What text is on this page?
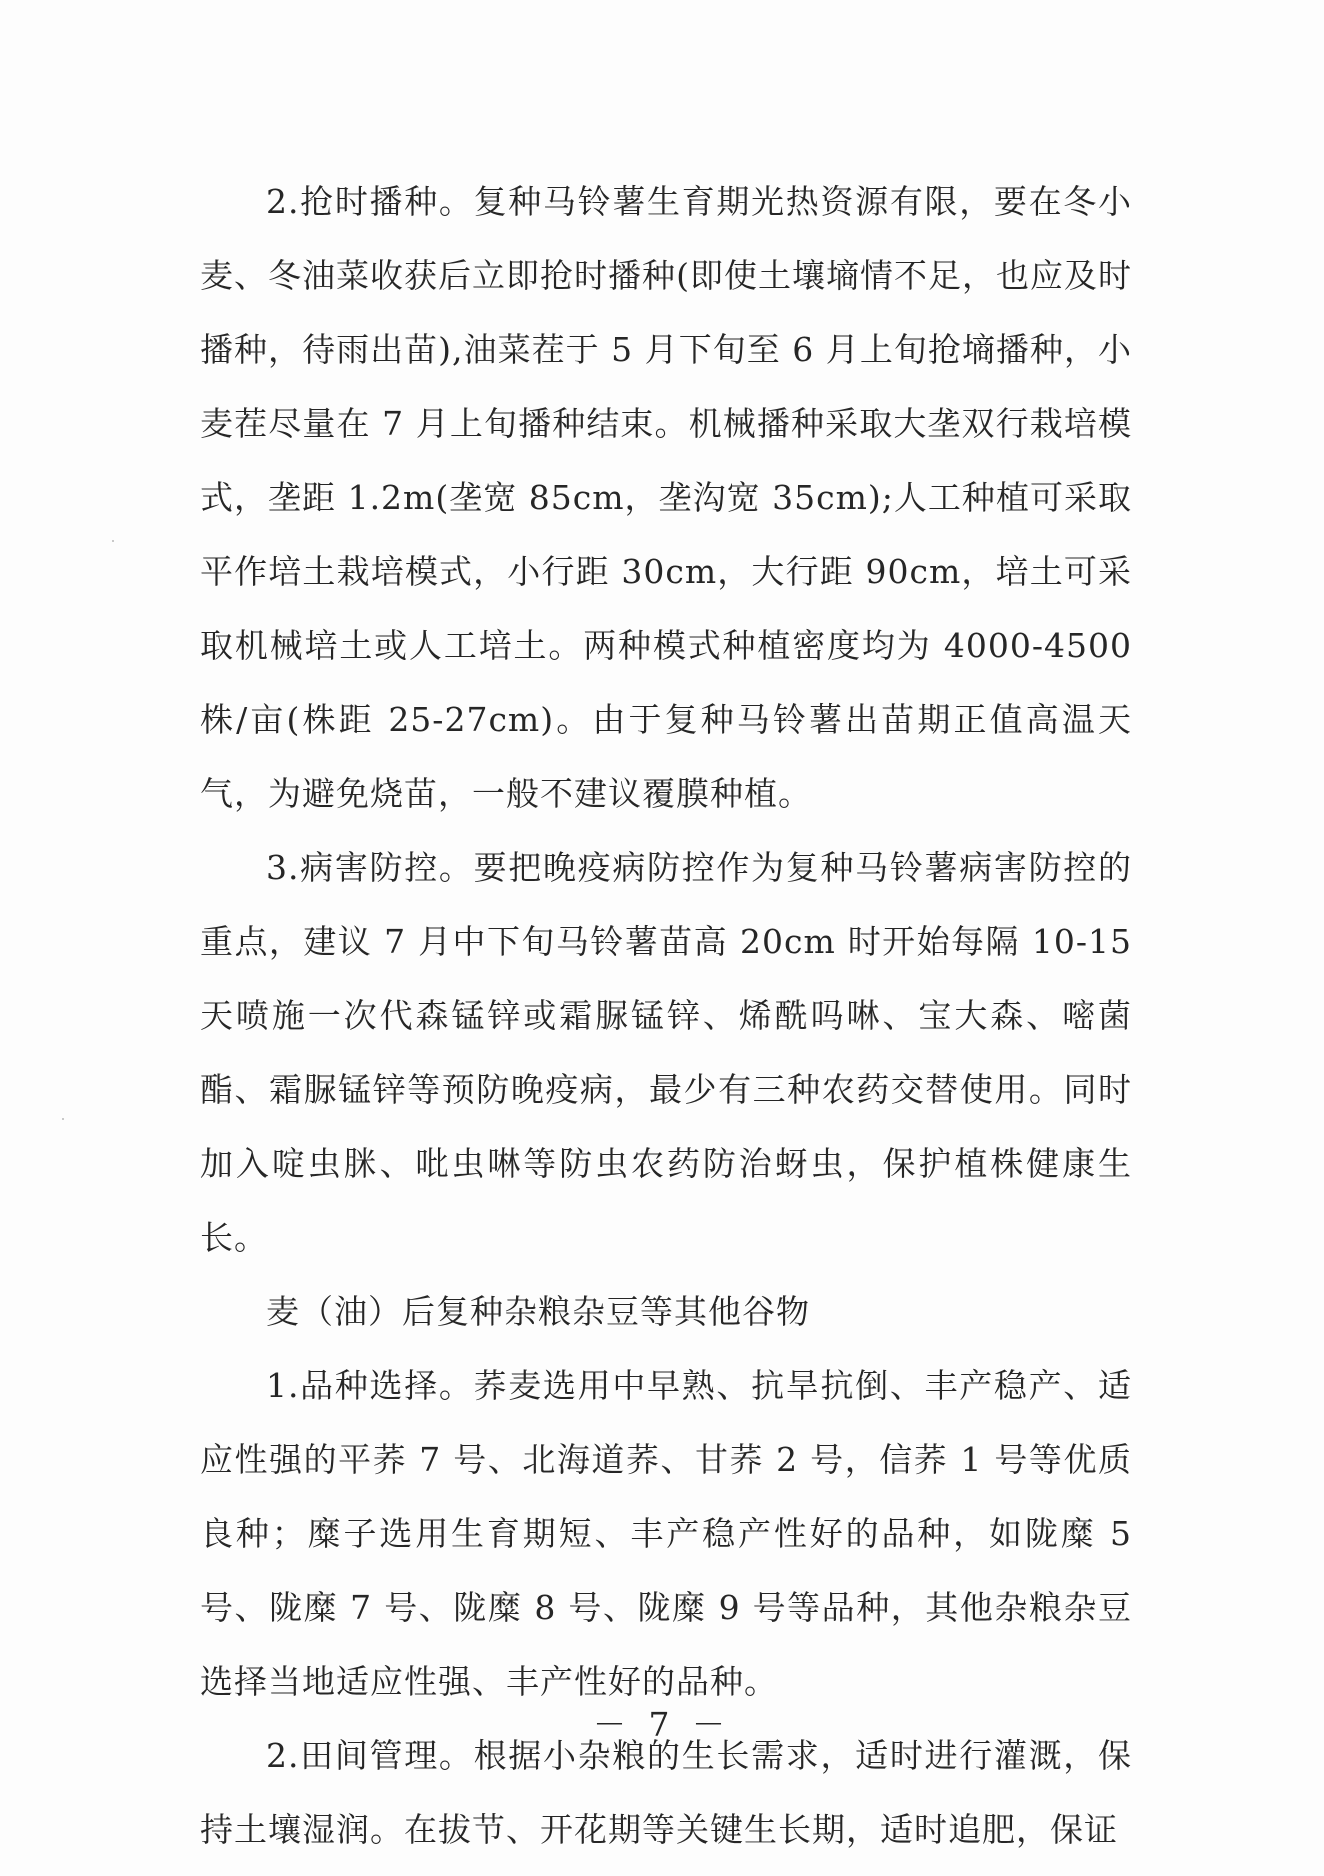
2.抢时播种。复种马铃薯生育期光热资源有限，要在冬小麦、冬油菜收获后立即抢时播种(即使土壤墒情不足，也应及时播种，待雨出苗),油菜茬于 5 月下旬至 6 月上旬抢墒播种，小麦茬尽量在 7 月上旬播种结束。机械播种采取大垄双行栽培模式，垄距 1.2m(垄宽 85cm，垄沟宽 35cm);人工种植可采取平作培土栽培模式，小行距 30cm，大行距 90cm，培土可采取机械培土或人工培土。两种模式种植密度均为 4000-4500 株/亩(株距 25-27cm)。由于复种马铃薯出苗期正值高温天气，为避免烧苗，一般不建议覆膜种植。

3.病害防控。要把晚疫病防控作为复种马铃薯病害防控的重点，建议 7 月中下旬马铃薯苗高 20cm 时开始每隔 10-15 天喷施一次代森锰锌或霜脲锰锌、烯酰吗啉、宝大森、嘧菌酯、霜脲锰锌等预防晚疫病，最少有三种农药交替使用。同时加入啶虫脒、吡虫啉等防虫农药防治蚜虫，保护植株健康生长。

麦（油）后复种杂粮杂豆等其他谷物

1.品种选择。荞麦选用中早熟、抗旱抗倒、丰产稳产、适应性强的平荞 7 号、北海道荞、甘荞 2 号，信荞 1 号等优质良种；糜子选用生育期短、丰产稳产性好的品种，如陇糜 5 号、陇糜 7 号、陇糜 8 号、陇糜 9 号等品种，其他杂粮杂豆选择当地适应性强、丰产性好的品种。

2.田间管理。根据小杂粮的生长需求，适时进行灌溉，保持土壤湿润。在拔节、开花期等关键生长期，适时追肥，保证

－ 7 －
